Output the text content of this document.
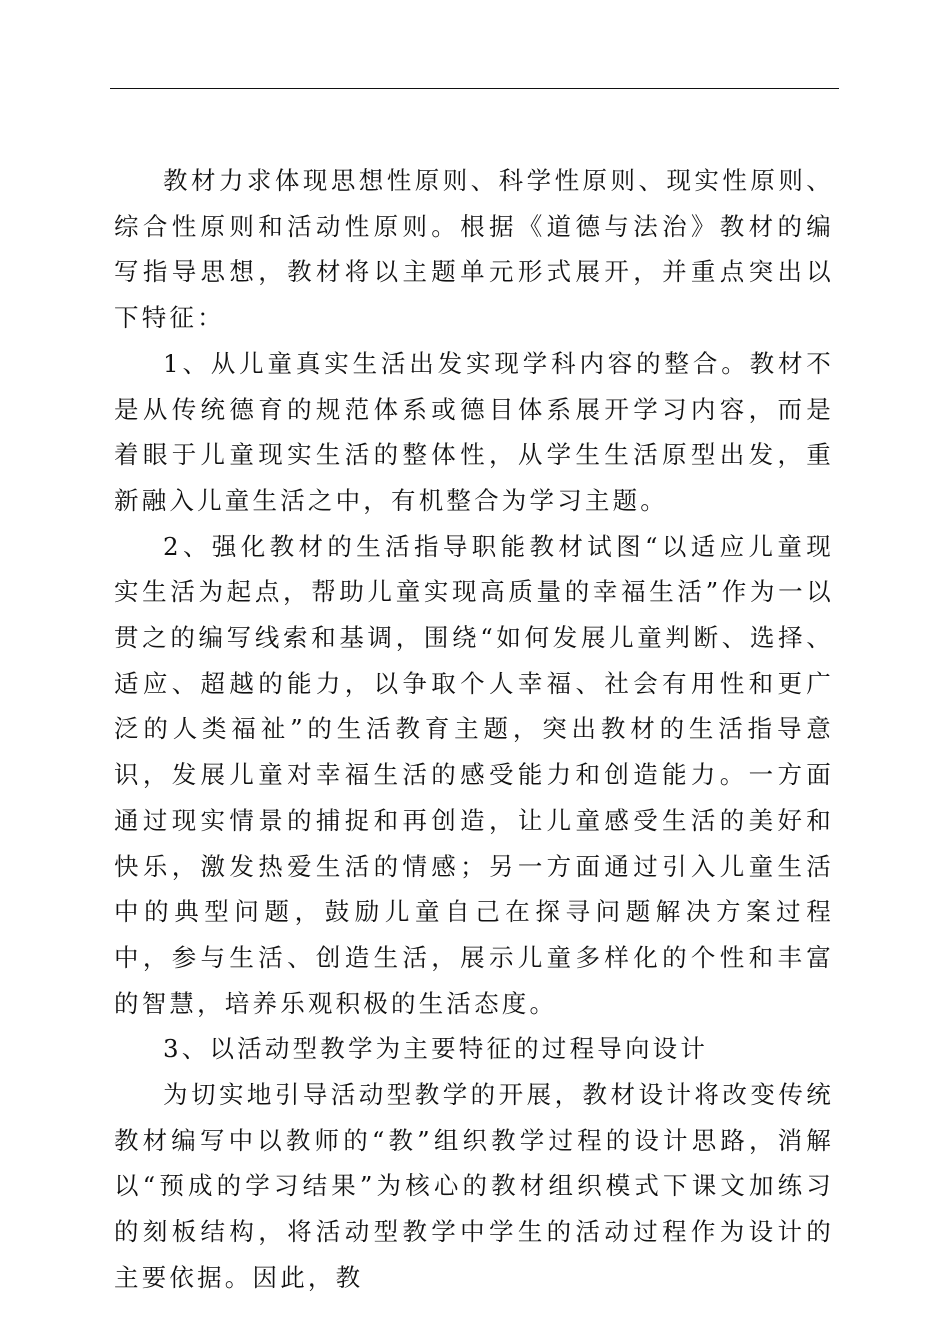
教材力求体现思想性原则、科学性原则、现实性原则、综合性原则和活动性原则。根据《道德与法治》教材的编写指导思想，教材将以主题单元形式展开，并重点突出以下特征：

1、从儿童真实生活出发实现学科内容的整合。教材不是从传统德育的规范体系或德目体系展开学习内容，而是着眼于儿童现实生活的整体性，从学生生活原型出发，重新融入儿童生活之中，有机整合为学习主题。

2、强化教材的生活指导职能教材试图“以适应儿童现实生活为起点，帮助儿童实现高质量的幸福生活”作为一以贯之的编写线索和基调，围绕“如何发展儿童判断、选择、适应、超越的能力，以争取个人幸福、社会有用性和更广泛的人类福祉”的生活教育主题，突出教材的生活指导意识，发展儿童对幸福生活的感受能力和创造能力。一方面通过现实情景的捕捉和再创造，让儿童感受生活的美好和快乐，激发热爱生活的情感；另一方面通过引入儿童生活中的典型问题，鼓励儿童自己在探寻问题解决方案过程中，参与生活、创造生活，展示儿童多样化的个性和丰富的智慧，培养乐观积极的生活态度。

3、以活动型教学为主要特征的过程导向设计

为切实地引导活动型教学的开展，教材设计将改变传统教材编写中以教师的“教”组织教学过程的设计思路，消解以“预成的学习结果”为核心的教材组织模式下课文加练习的刻板结构，将活动型教学中学生的活动过程作为设计的主要依据。因此，教
